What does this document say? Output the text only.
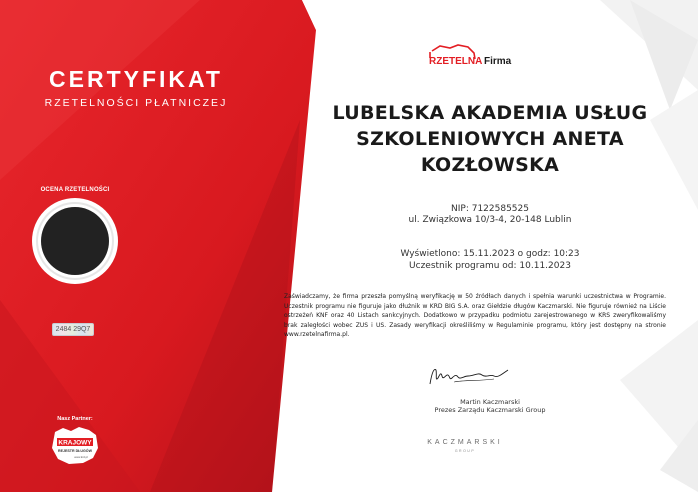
CERTYFIKAT
RZETELNOŚCI PŁATNICZEJ
OCENA RZETELNOŚCI
2484 29Q7
Nasz Partner:
KRAJOWY
REJESTR DŁUGÓW
www.krd.pl
RZETELNA Firma
LUBELSKA AKADEMIA USŁUG
SZKOLENIOWYCH ANETA
KOZŁOWSKA
NIP: 7122585525
ul. Związkowa 10/3-4, 20-148 Lublin
Wyświetlono: 15.11.2023 o godz: 10:23
Uczestnik programu od: 10.11.2023
Zaświadczamy, że firma przeszła pomyślną weryfikację w 50 źródłach danych i spełnia warunki uczestnictwa w Programie. Uczestnik programu nie figuruje jako dłużnik w KRD BIG S.A. oraz Giełdzie długów Kaczmarski. Nie figuruje również na Liście ostrzeżeń KNF oraz 40 Listach sankcyjnych. Dodatkowo w przypadku podmiotu zarejestrowanego w KRS zweryfikowaliśmy brak zaległości wobec ZUS i US. Zasady weryfikacji określiliśmy w Regulaminie programu, który jest dostępny na stronie www.rzetelnafirma.pl.
Martin Kaczmarski
Prezes Zarządu Kaczmarski Group
KACZMARSKI
GROUP
